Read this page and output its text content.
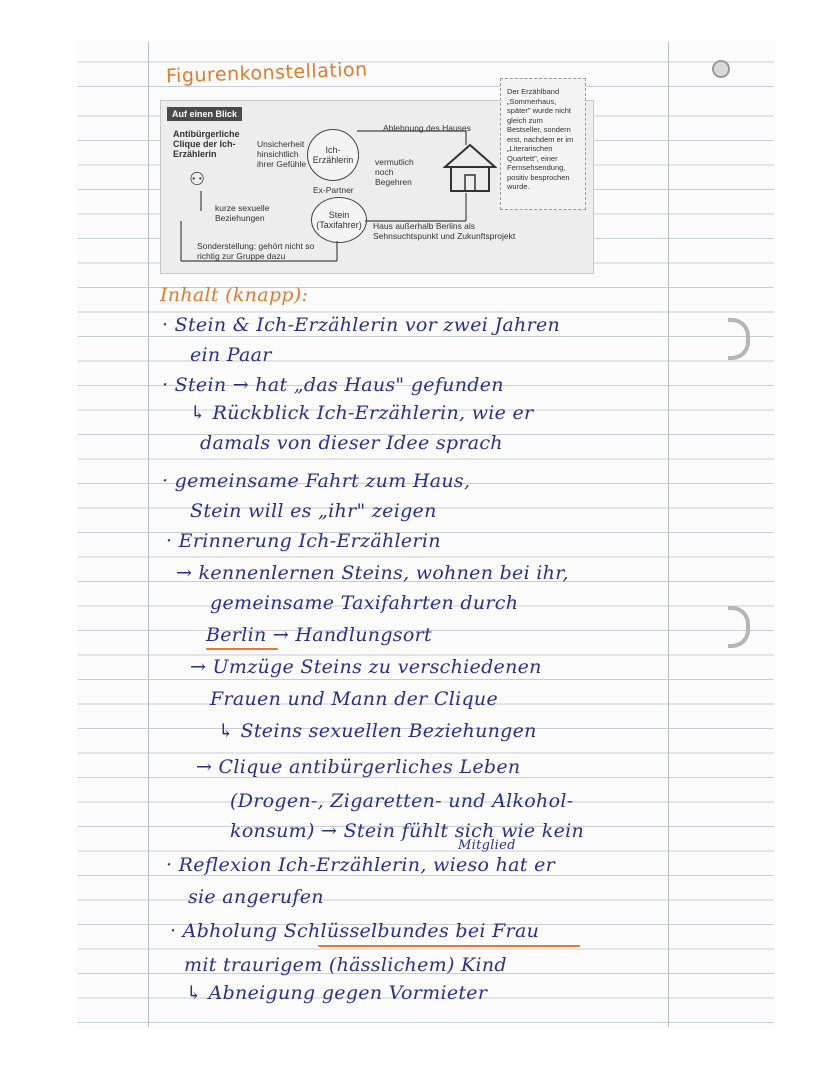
Figurenkonstellation
Auf einen Blick
Antibürgerliche Clique der Ich-Erzählerin
⚇
Unsicherheit hinsichtlich ihrer Gefühle
Ich-Erzählerin
Ablehnung des Hauses
vermutlich noch Begehren
Ex-Partner
Stein (Taxifahrer)
kurze sexuelle Beziehungen
Sonderstellung: gehört nicht so richtig zur Gruppe dazu
Haus außerhalb Berlins als Sehnsuchtspunkt und Zukunftsprojekt
Der Erzählband „Sommerhaus, später" wurde nicht gleich zum Bestseller, sondern erst, nachdem er im „Literarischen Quartett", einer Fernsehsendung, positiv besprochen wurde.
Inhalt (knapp):
· Stein & Ich-Erzählerin vor zwei Jahren
ein Paar
· Stein → hat „das Haus" gefunden
↳ Rückblick Ich-Erzählerin, wie er
damals von dieser Idee sprach
· gemeinsame Fahrt zum Haus,
Stein will es „ihr" zeigen
· Erinnerung Ich-Erzählerin
→ kennenlernen Steins, wohnen bei ihr,
gemeinsame Taxifahrten durch
Berlin → Handlungsort
→ Umzüge Steins zu verschiedenen
Frauen und Mann der Clique
↳ Steins sexuellen Beziehungen
→ Clique antibürgerliches Leben
(Drogen-, Zigaretten- und Alkohol-
konsum) → Stein fühlt sich wie kein
Mitglied
· Reflexion Ich-Erzählerin, wieso hat er
sie angerufen
· Abholung Schlüsselbundes bei Frau
mit traurigem (hässlichem) Kind
↳ Abneigung gegen Vormieter
